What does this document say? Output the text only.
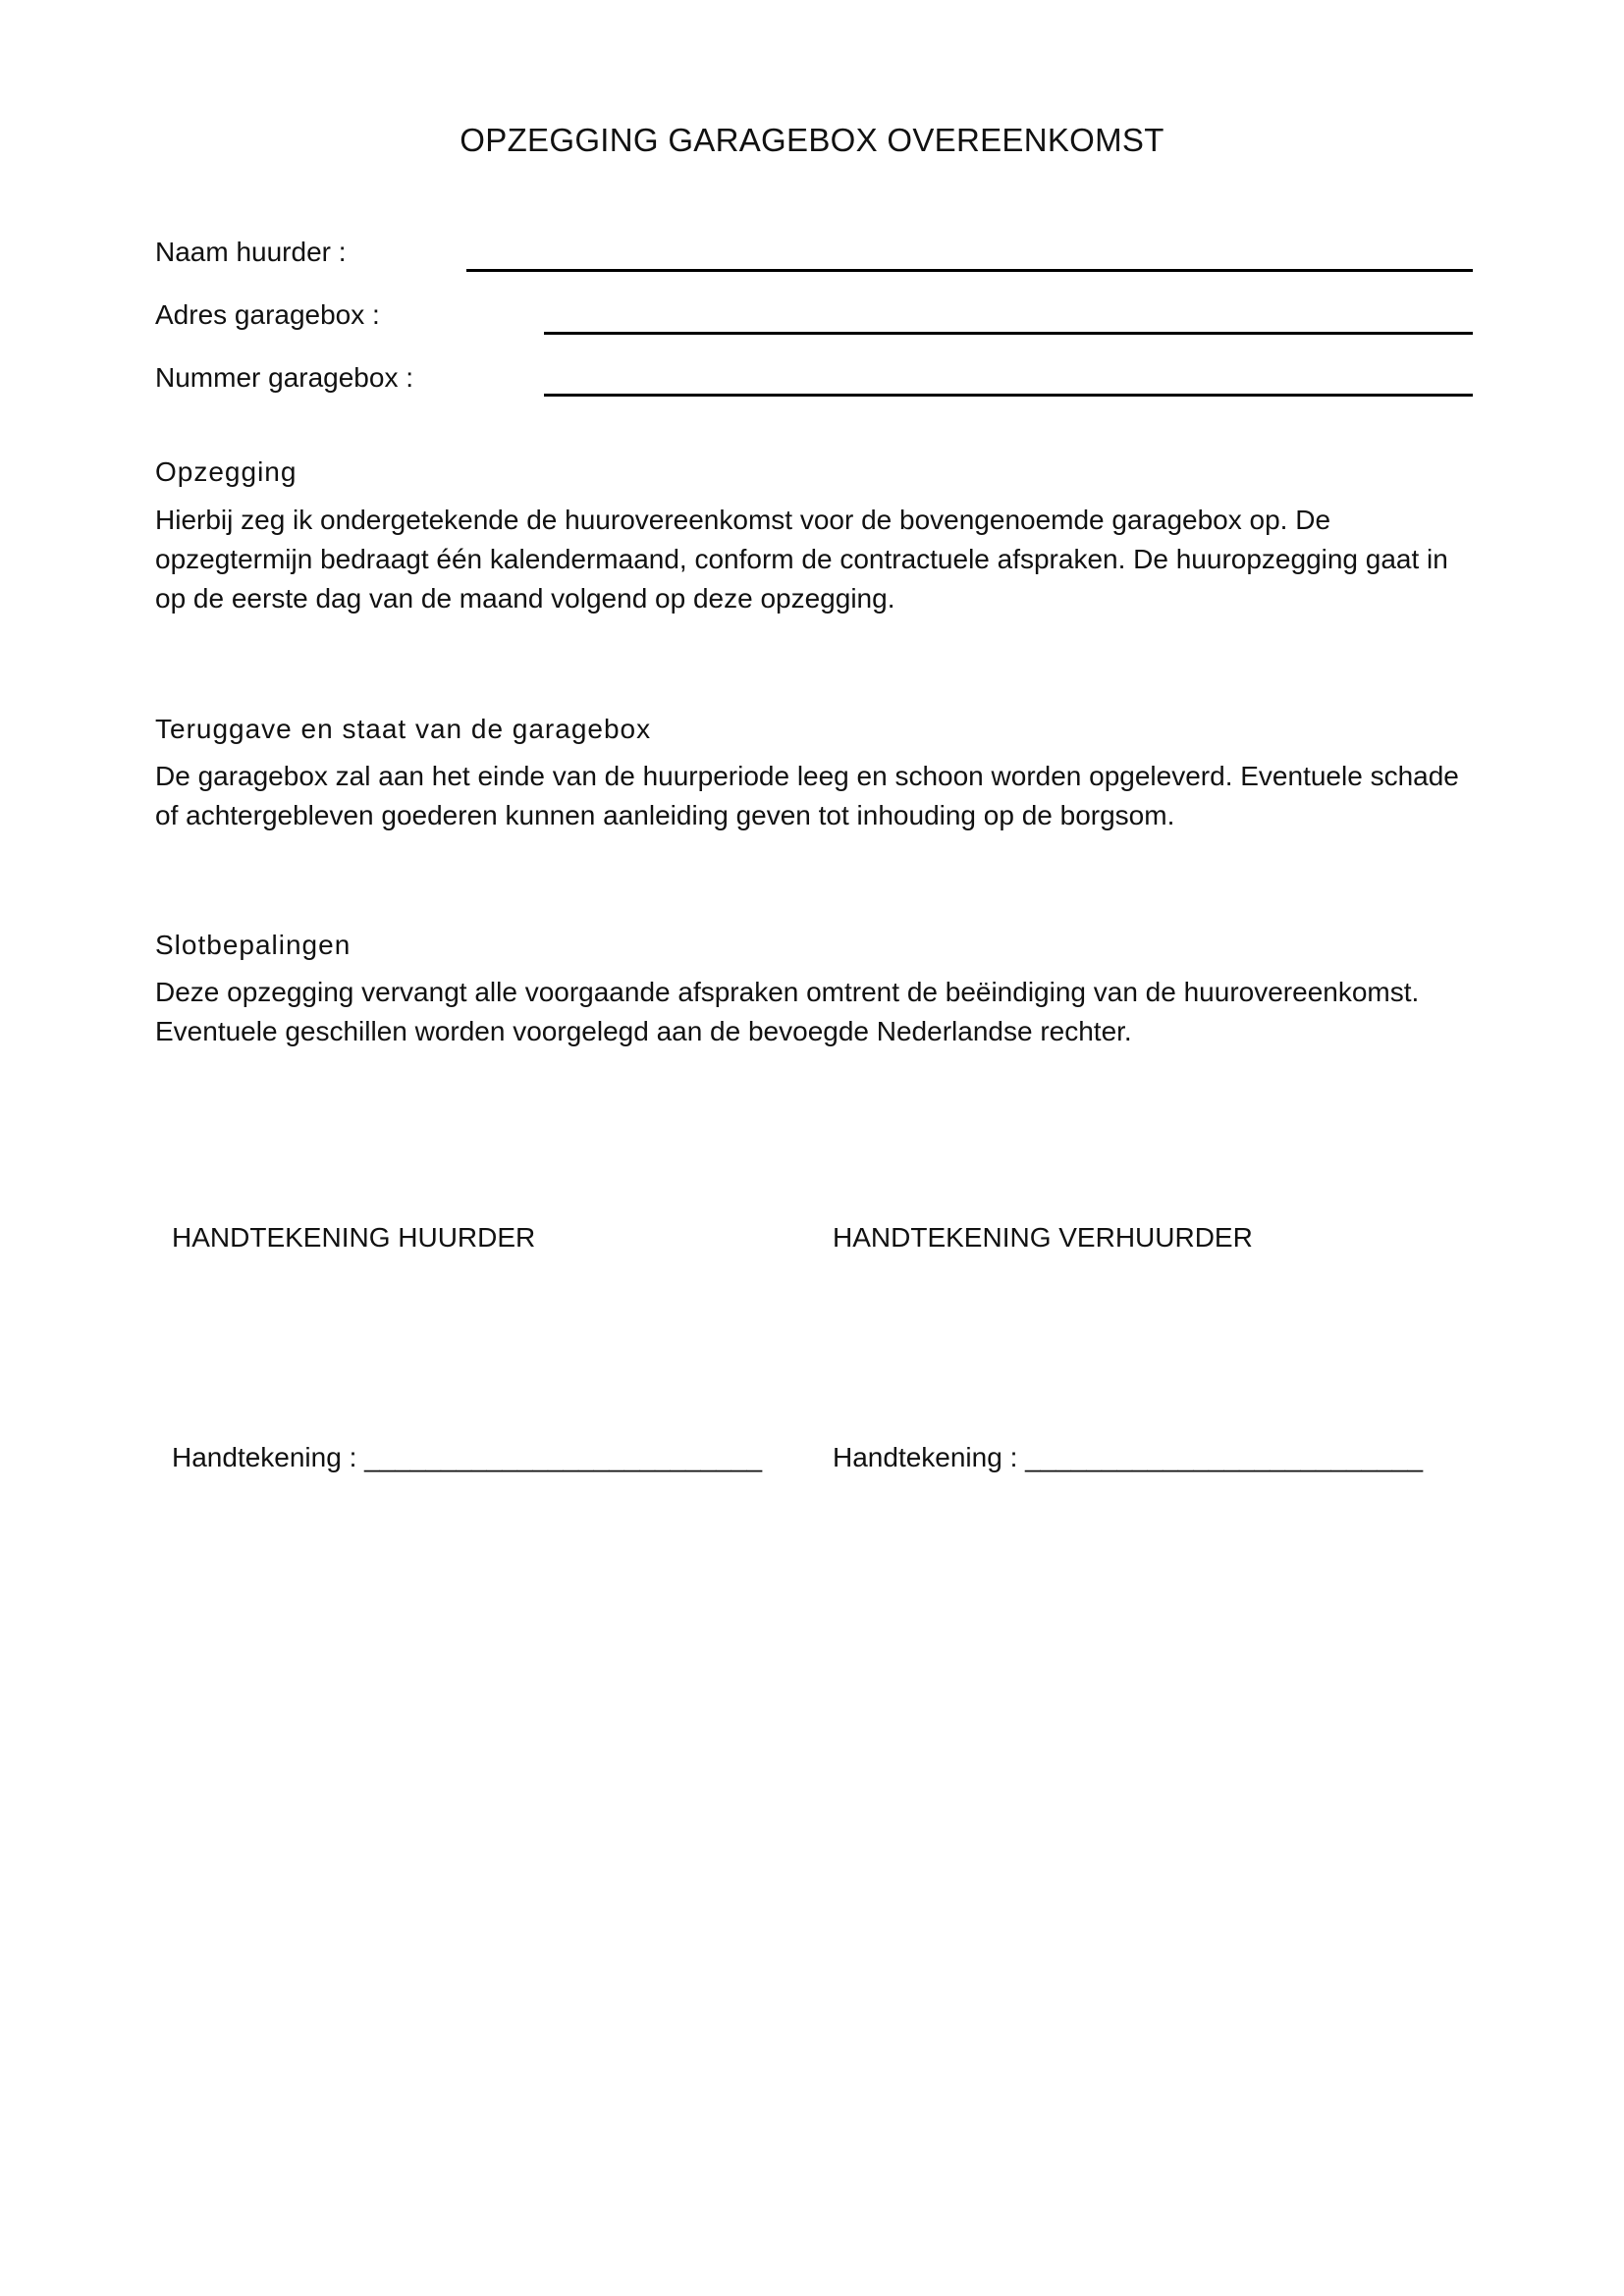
OPZEGGING GARAGEBOX OVEREENKOMST
Naam huurder :
Adres garagebox :
Nummer garagebox :
Opzegging
Hierbij zeg ik ondergetekende de huurovereenkomst voor de bovengenoemde garagebox op. De
opzegtermijn bedraagt één kalendermaand, conform de contractuele afspraken. De huuropzegging gaat in
op de eerste dag van de maand volgend op deze opzegging.
Teruggave en staat van de garagebox
De garagebox zal aan het einde van de huurperiode leeg en schoon worden opgeleverd. Eventuele schade
of achtergebleven goederen kunnen aanleiding geven tot inhouding op de borgsom.
Slotbepalingen
Deze opzegging vervangt alle voorgaande afspraken omtrent de beëindiging van de huurovereenkomst.
Eventuele geschillen worden voorgelegd aan de bevoegde Nederlandse rechter.
HANDTEKENING HUURDER	HANDTEKENING VERHUURDER
Handtekening : __________________________	Handtekening : __________________________
